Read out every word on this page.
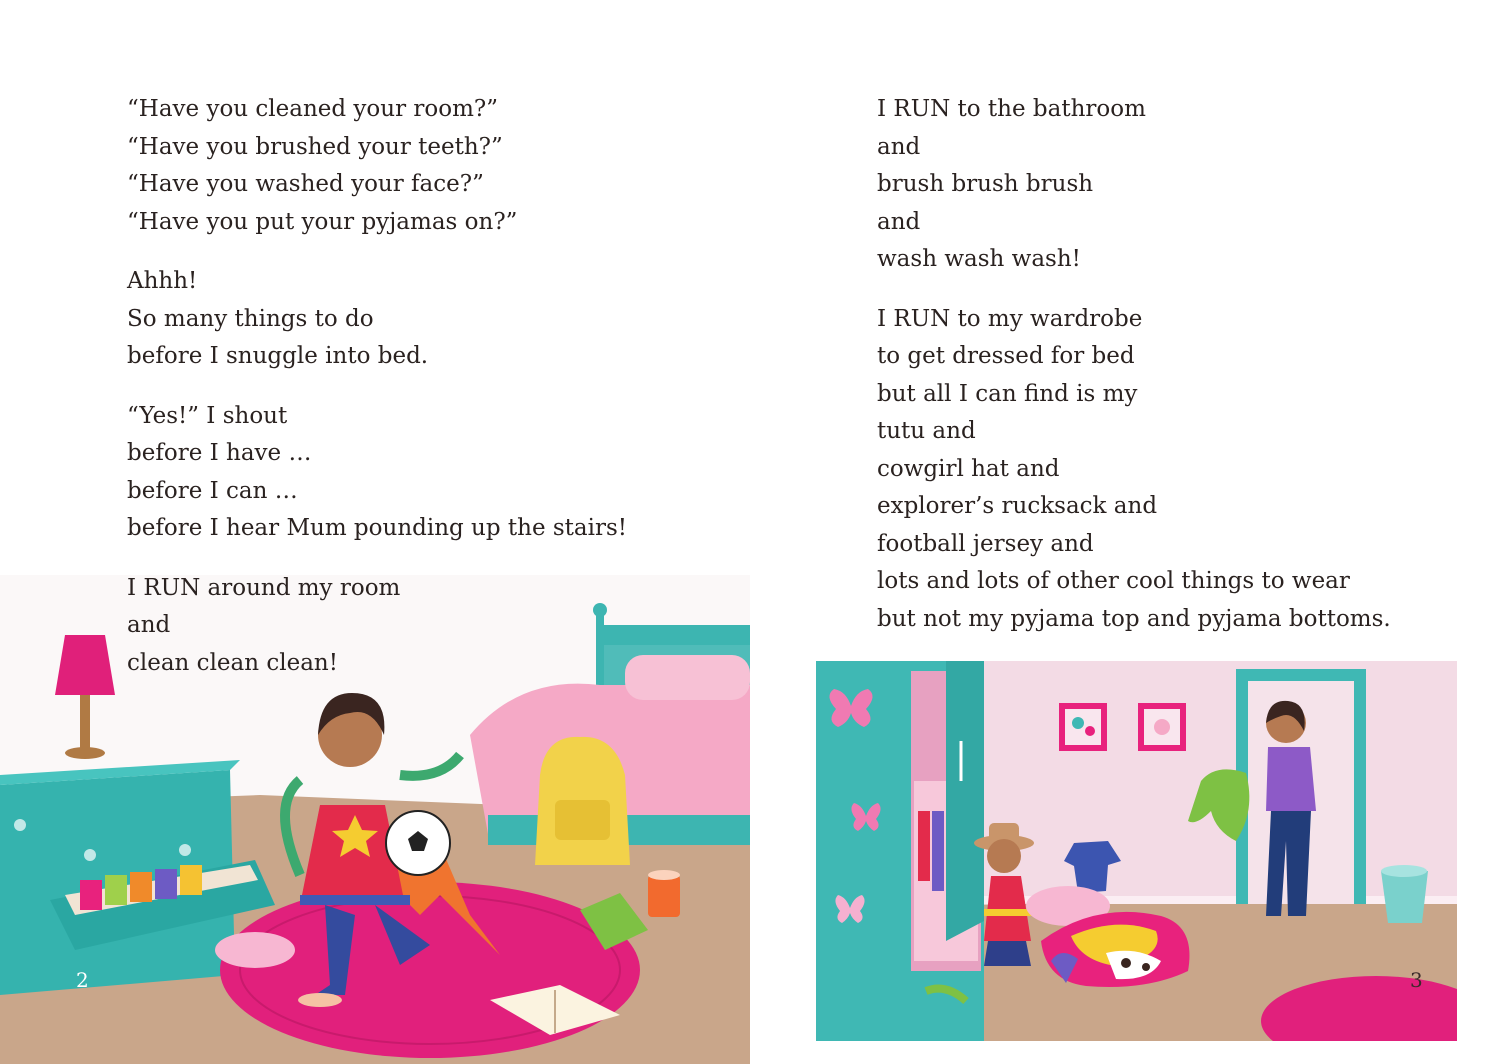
“Have you cleaned your room?”
“Have you brushed your teeth?”
“Have you washed your face?”
“Have you put your pyjamas on?”
Ahhh!
So many things to do
before I snuggle into bed.
“Yes!” I shout
before I have …
before I can …
before I hear Mum pounding up the stairs!
I RUN around my room
and
clean clean clean!
2
I RUN to the bathroom
and
brush brush brush
and
wash wash wash!
I RUN to my wardrobe
to get dressed for bed
but all I can find is my
tutu and
cowgirl hat and
explorer’s rucksack and
football jersey and
lots and lots of other cool things to wear
but not my pyjama top and pyjama bottoms.
3
